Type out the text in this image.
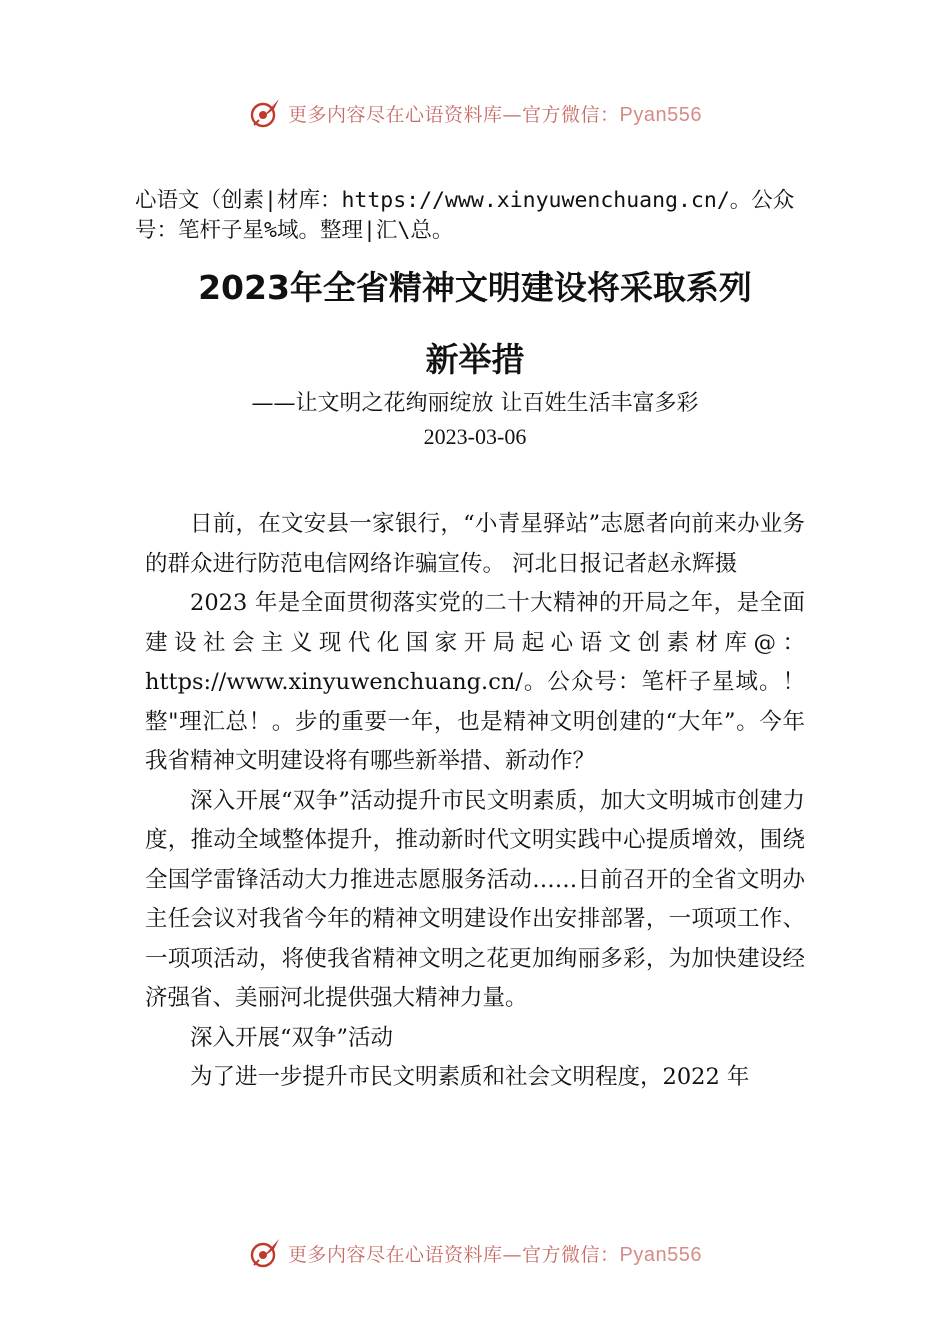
更多内容尽在心语资料库—官方微信：Pyan556
心语文（创素|材库：https://www.xinyuwenchuang.cn/。公众号：笔杆子星%域。整理|汇\总。
2023年全省精神文明建设将采取系列
新举措
——让文明之花绚丽绽放 让百姓生活丰富多彩
2023-03-06

日前，在文安县一家银行，“小青星驿站”志愿者向前来办业务的群众进行防范电信网络诈骗宣传。 河北日报记者赵永辉摄

2023 年是全面贯彻落实党的二十大精神的开局之年，是全面建设社会主义现代化国家开局起心语文创素材库@：https://www.xinyuwenchuang.cn/。公众号：笔杆子星域。！整"理汇总！。步的重要一年，也是精神文明创建的“大年”。今年我省精神文明建设将有哪些新举措、新动作？

深入开展“双争”活动提升市民文明素质，加大文明城市创建力度，推动全域整体提升，推动新时代文明实践中心提质增效，围绕全国学雷锋活动大力推进志愿服务活动……日前召开的全省文明办主任会议对我省今年的精神文明建设作出安排部署，一项项工作、一项项活动，将使我省精神文明之花更加绚丽多彩，为加快建设经济强省、美丽河北提供强大精神力量。

深入开展“双争”活动

为了进一步提升市民文明素质和社会文明程度，2022 年

更多内容尽在心语资料库—官方微信：Pyan556
